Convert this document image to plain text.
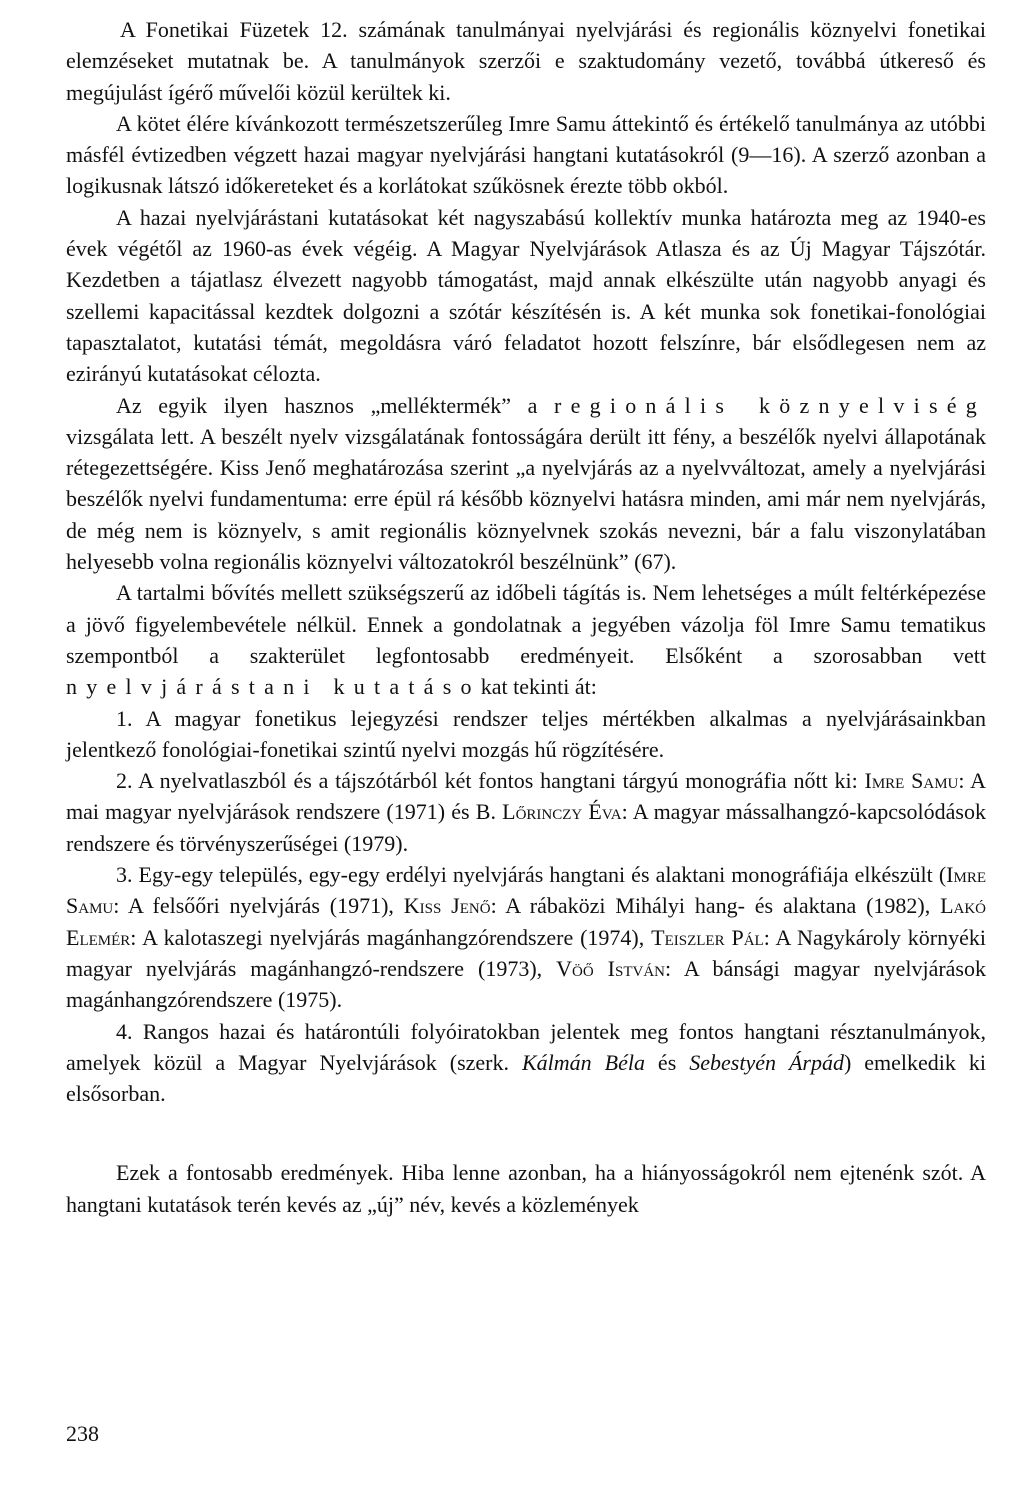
A Fonetikai Füzetek 12. számának tanulmányai nyelvjárási és regionális köznyelvi fonetikai elemzéseket mutatnak be. A tanulmányok szerzői e szaktudomány vezető, továbbá útkereső és megújulást ígérő művelői közül kerültek ki.

A kötet élére kívánkozott természetszerűleg Imre Samu áttekintő és értékelő tanulmánya az utóbbi másfél évtizedben végzett hazai magyar nyelvjárási hangtani kutatásokról (9—16). A szerző azonban a logikusnak látszó időkereteket és a korlátokat szűkösnek érezte több okból.

A hazai nyelvjárástani kutatásokat két nagyszabású kollektív munka határozta meg az 1940-es évek végétől az 1960-as évek végéig. A Magyar Nyelvjárások Atlasza és az Új Magyar Tájszótár. Kezdetben a tájatlasz élvezett nagyobb támogatást, majd annak elkészülte után nagyobb anyagi és szellemi kapacitással kezdtek dolgozni a szótár készítésén is. A két munka sok fonetikai-fonológiai tapasztalatot, kutatási témát, megoldásra váró feladatot hozott felszínre, bár elsődlegesen nem az ezirányú kutatásokat célozta.

Az egyik ilyen hasznos „melléktermék” a regionális köznyelviség vizsgálata lett. A beszélt nyelv vizsgálatának fontosságára derült itt fény, a beszélők nyelvi állapotának rétegezettségére. Kiss Jenő meghatározása szerint „a nyelvjárás az a nyelvváltozat, amely a nyelvjárási beszélők nyelvi fundamentuma: erre épül rá később köznyelvi hatásra minden, ami már nem nyelvjárás, de még nem is köznyelv, s amit regionális köznyelvnek szokás nevezni, bár a falu viszonylatában helyesebb volna regionális köznyelvi változatokról beszélnünk” (67).

A tartalmi bővítés mellett szükségszerű az időbeli tágítás is. Nem lehetséges a múlt feltérképezése a jövő figyelembevétele nélkül. Ennek a gondolatnak a jegyében vázolja föl Imre Samu tematikus szempontból a szakterület legfontosabb eredményeit. Elsőként a szorosabban vett nyelvjárástani kutatásokat tekinti át:

1. A magyar fonetikus lejegyzési rendszer teljes mértékben alkalmas a nyelvjárásainkban jelentkező fonológiai-fonetikai szintű nyelvi mozgás hű rögzítésére.

2. A nyelvatlaszból és a tájszótárból két fontos hangtani tárgyú monográfia nőtt ki: Imre Samu: A mai magyar nyelvjárások rendszere (1971) és B. Lőrinczy Éva: A magyar mássalhangzó-kapcsolódások rendszere és törvényszerűségei (1979).

3. Egy-egy település, egy-egy erdélyi nyelvjárás hangtani és alaktani monográfiája elkészült (Imre Samu: A felsőőri nyelvjárás (1971), Kiss Jenő: A rábaközi Mihályi hang- és alaktana (1982), Lakó Elemér: A kalotaszegi nyelvjárás magánhangzórendszere (1974), Teiszler Pál: A Nagykároly környéki magyar nyelvjárás magánhangzó-rendszere (1973), Vöő István: A bánsági magyar nyelvjárások magánhangzórendszere (1975).

4. Rangos hazai és határontúli folyóiratokban jelentek meg fontos hangtani résztanulmányok, amelyek közül a Magyar Nyelvjárások (szerk. Kálmán Béla és Sebestyén Árpád) emelkedik ki elsősorban.

Ezek a fontosabb eredmények. Hiba lenne azonban, ha a hiányosságokról nem ejtenénk szót. A hangtani kutatások terén kevés az „új” név, kevés a közlemények

238
